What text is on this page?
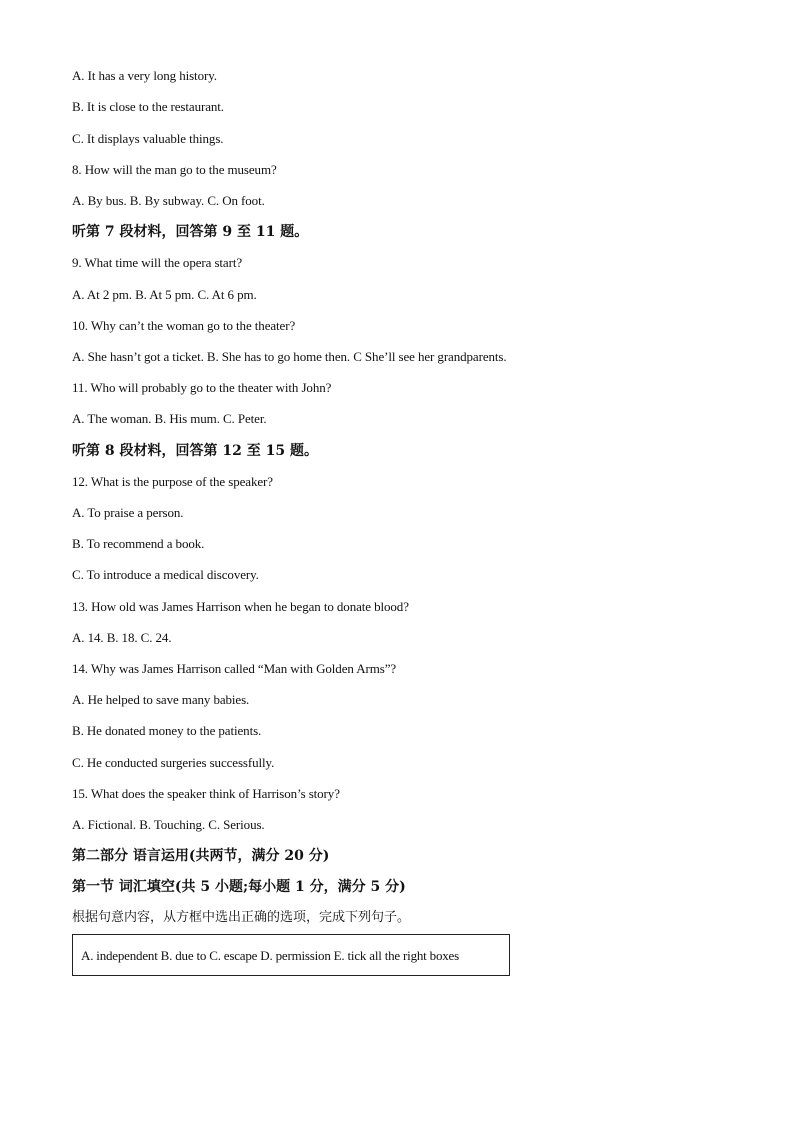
A. It has a very long history.
B. It is close to the restaurant.
C. It displays valuable things.
8. How will the man go to the museum?
A. By bus. B. By subway. C. On foot.
听第 7 段材料，回答第 9 至 11 题。
9. What time will the opera start?
A. At 2 pm. B. At 5 pm. C. At 6 pm.
10. Why can’t the woman go to the theater?
A. She hasn’t got a ticket. B. She has to go home then. C She’ll see her grandparents.
11. Who will probably go to the theater with John?
A. The woman. B. His mum. C. Peter.
听第 8 段材料，回答第 12 至 15 题。
12. What is the purpose of the speaker?
A. To praise a person.
B. To recommend a book.
C. To introduce a medical discovery.
13. How old was James Harrison when he began to donate blood?
A. 14. B. 18. C. 24.
14. Why was James Harrison called “Man with Golden Arms”?
A. He helped to save many babies.
B. He donated money to the patients.
C. He conducted surgeries successfully.
15. What does the speaker think of Harrison’s story?
A. Fictional. B. Touching. C. Serious.
第二部分 语言运用(共两节，满分 20 分)
第一节 词汇填空(共 5 小题;每小题 1 分，满分 5 分)
根据句意内容，从方框中选出正确的选项，完成下列句子。
A. independent B. due to C. escape D. permission E. tick all the right boxes
